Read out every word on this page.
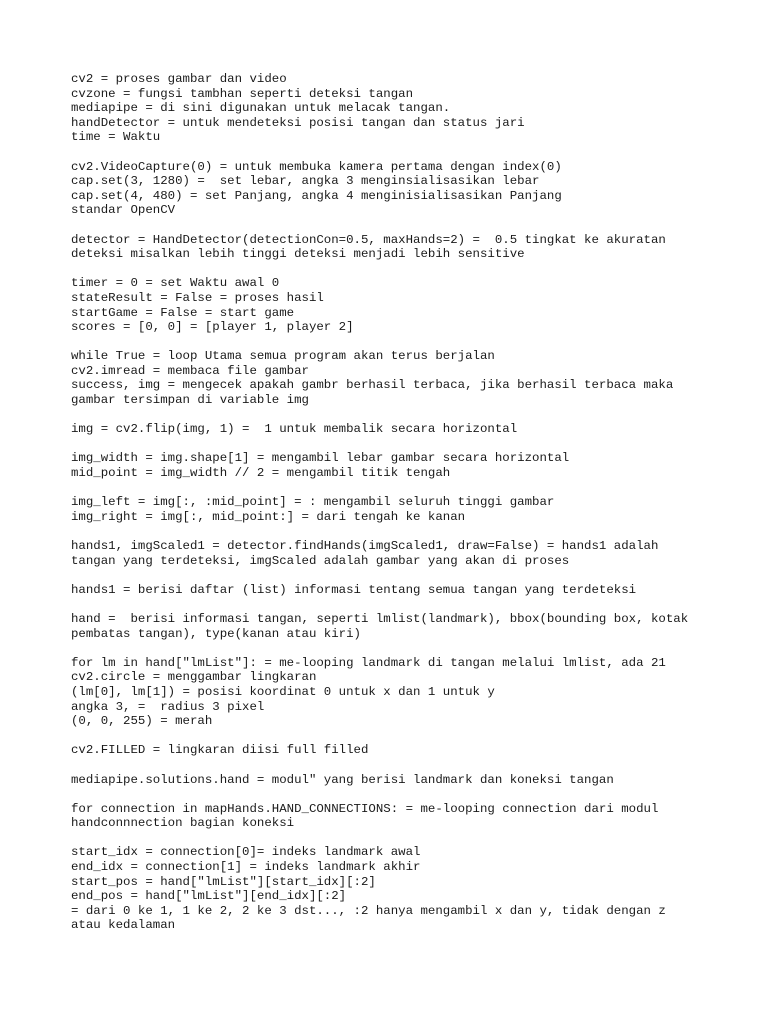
cv2 = proses gambar dan video
cvzone = fungsi tambhan seperti deteksi tangan
mediapipe = di sini digunakan untuk melacak tangan.
handDetector = untuk mendeteksi posisi tangan dan status jari
time = Waktu
cv2.VideoCapture(0) = untuk membuka kamera pertama dengan index(0)
cap.set(3, 1280) =  set lebar, angka 3 menginsialisasikan lebar
cap.set(4, 480) = set Panjang, angka 4 menginisialisasikan Panjang
standar OpenCV
detector = HandDetector(detectionCon=0.5, maxHands=2) =  0.5 tingkat ke akuratan
deteksi misalkan lebih tinggi deteksi menjadi lebih sensitive
timer = 0 = set Waktu awal 0
stateResult = False = proses hasil
startGame = False = start game
scores = [0, 0] = [player 1, player 2]
while True = loop Utama semua program akan terus berjalan
cv2.imread = membaca file gambar
success, img = mengecek apakah gambr berhasil terbaca, jika berhasil terbaca maka
gambar tersimpan di variable img
img = cv2.flip(img, 1) =  1 untuk membalik secara horizontal
img_width = img.shape[1] = mengambil lebar gambar secara horizontal
mid_point = img_width // 2 = mengambil titik tengah
img_left = img[:, :mid_point] = : mengambil seluruh tinggi gambar
img_right = img[:, mid_point:] = dari tengah ke kanan
hands1, imgScaled1 = detector.findHands(imgScaled1, draw=False) = hands1 adalah
tangan yang terdeteksi, imgScaled adalah gambar yang akan di proses
hands1 = berisi daftar (list) informasi tentang semua tangan yang terdeteksi
hand =  berisi informasi tangan, seperti lmlist(landmark), bbox(bounding box, kotak
pembatas tangan), type(kanan atau kiri)
for lm in hand["lmList"]: = me-looping landmark di tangan melalui lmlist, ada 21
cv2.circle = menggambar lingkaran
(lm[0], lm[1]) = posisi koordinat 0 untuk x dan 1 untuk y
angka 3, =  radius 3 pixel
(0, 0, 255) = merah
cv2.FILLED = lingkaran diisi full filled
mediapipe.solutions.hand = modul" yang berisi landmark dan koneksi tangan
for connection in mapHands.HAND_CONNECTIONS: = me-looping connection dari modul
handconnnection bagian koneksi
start_idx = connection[0]= indeks landmark awal
end_idx = connection[1] = indeks landmark akhir
start_pos = hand["lmList"][start_idx][:2]
end_pos = hand["lmList"][end_idx][:2]
= dari 0 ke 1, 1 ke 2, 2 ke 3 dst..., :2 hanya mengambil x dan y, tidak dengan z
atau kedalaman
